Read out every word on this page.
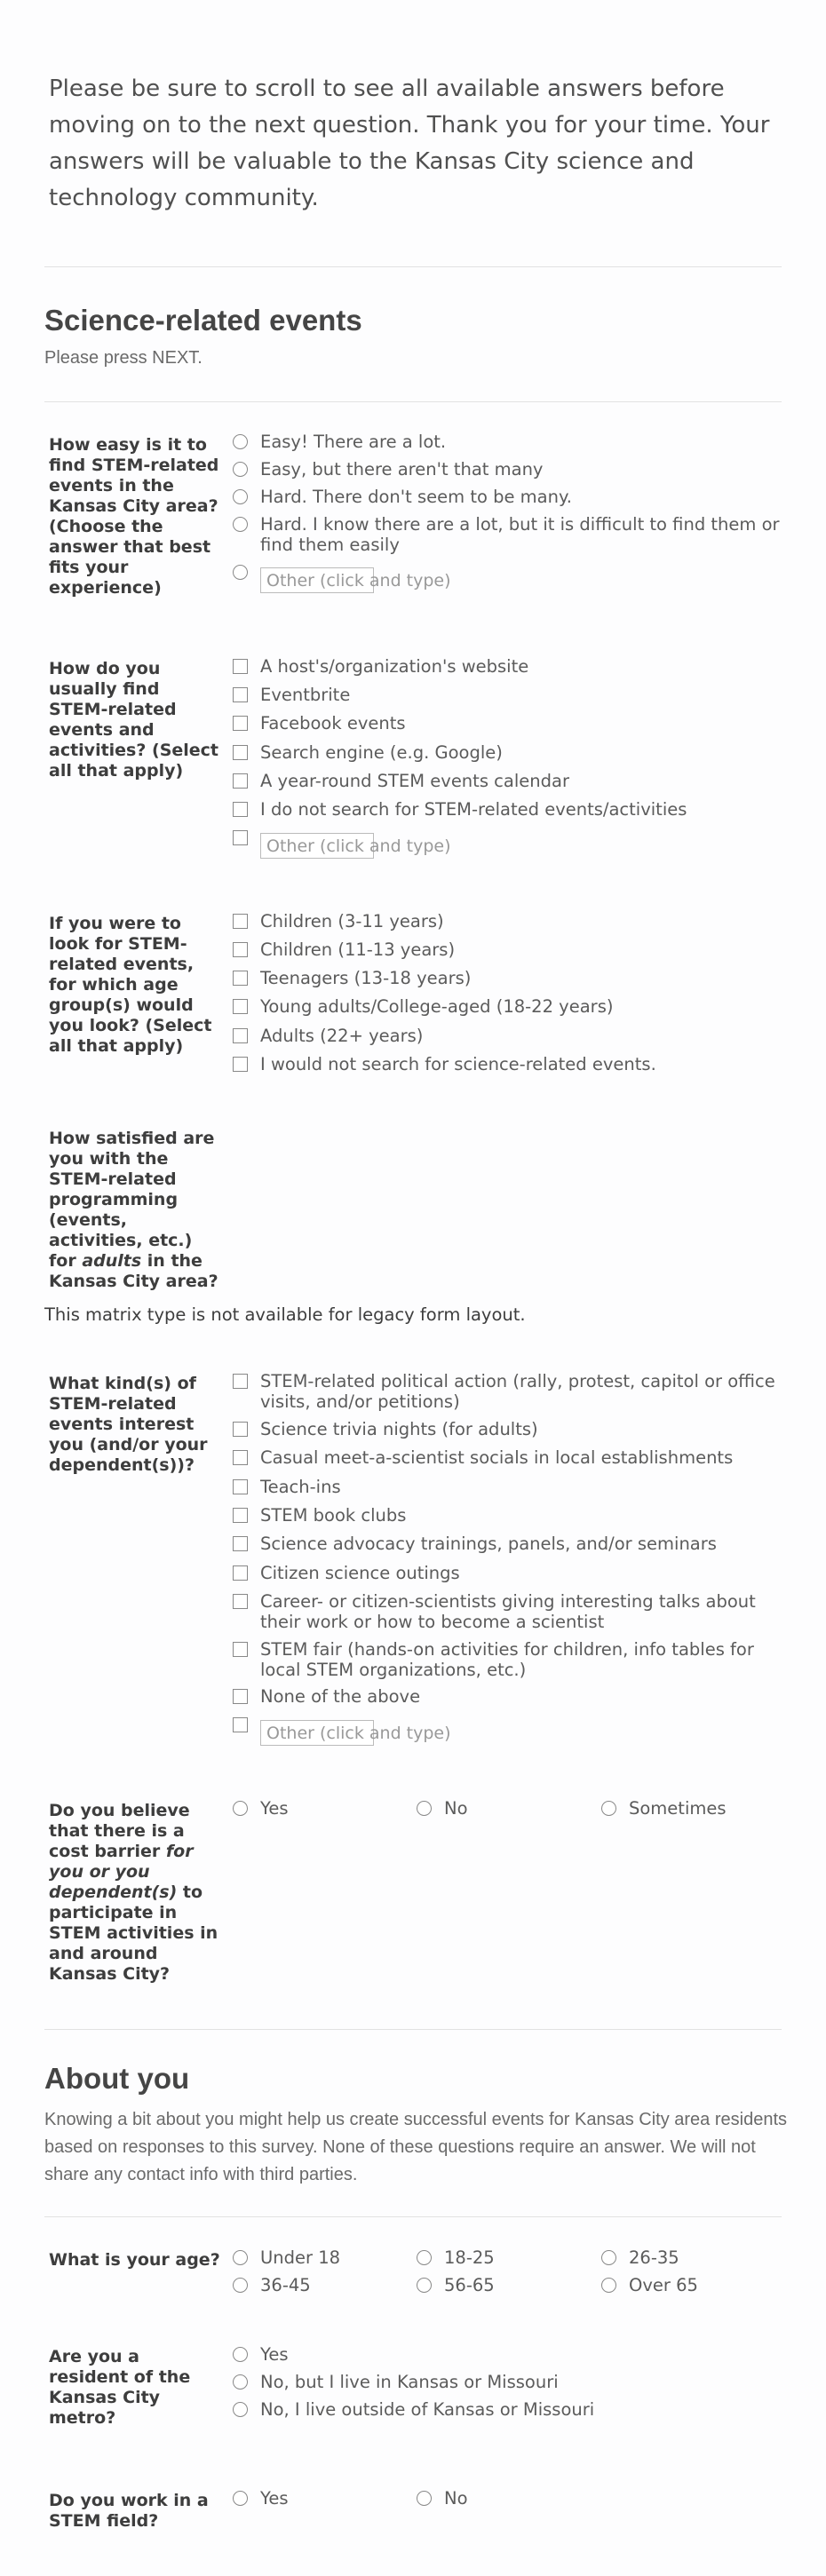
Please be sure to scroll to see all available answers before moving on to the next question. Thank you for your time. Your answers will be valuable to the Kansas City science and technology community.
Science-related events
Please press NEXT.
How easy is it to find STEM-related events in the Kansas City area? (Choose the answer that best fits your experience)
Easy! There are a lot.
Easy, but there aren't that many
Hard. There don't seem to be many.
Hard. I know there are a lot, but it is difficult to find them or find them easily
Other (click and type)
How do you usually find STEM-related events and activities? (Select all that apply)
A host's/organization's website
Eventbrite
Facebook events
Search engine (e.g. Google)
A year-round STEM events calendar
I do not search for STEM-related events/activities
Other (click and type)
If you were to look for STEM-related events, for which age group(s) would you look? (Select all that apply)
Children (3-11 years)
Children (11-13 years)
Teenagers (13-18 years)
Young adults/College-aged (18-22 years)
Adults (22+ years)
I would not search for science-related events.
How satisfied are you with the STEM-related programming (events, activities, etc.) for adults in the Kansas City area?
This matrix type is not available for legacy form layout.
What kind(s) of STEM-related events interest you (and/or your dependent(s))?
STEM-related political action (rally, protest, capitol or office visits, and/or petitions)
Science trivia nights (for adults)
Casual meet-a-scientist socials in local establishments
Teach-ins
STEM book clubs
Science advocacy trainings, panels, and/or seminars
Citizen science outings
Career- or citizen-scientists giving interesting talks about their work or how to become a scientist
STEM fair (hands-on activities for children, info tables for local STEM organizations, etc.)
None of the above
Other (click and type)
Do you believe that there is a cost barrier for you or you dependent(s) to participate in STEM activities in and around Kansas City?
Yes	No	Sometimes
About you
Knowing a bit about you might help us create successful events for Kansas City area residents based on responses to this survey. None of these questions require an answer. We will not share any contact info with third parties.
What is your age? Under 18	18-25	26-35
36-45	56-65	Over 65
Are you a resident of the Kansas City metro?
Yes
No, but I live in Kansas or Missouri
No, I live outside of Kansas or Missouri
Do you work in a STEM field?
Yes	No
